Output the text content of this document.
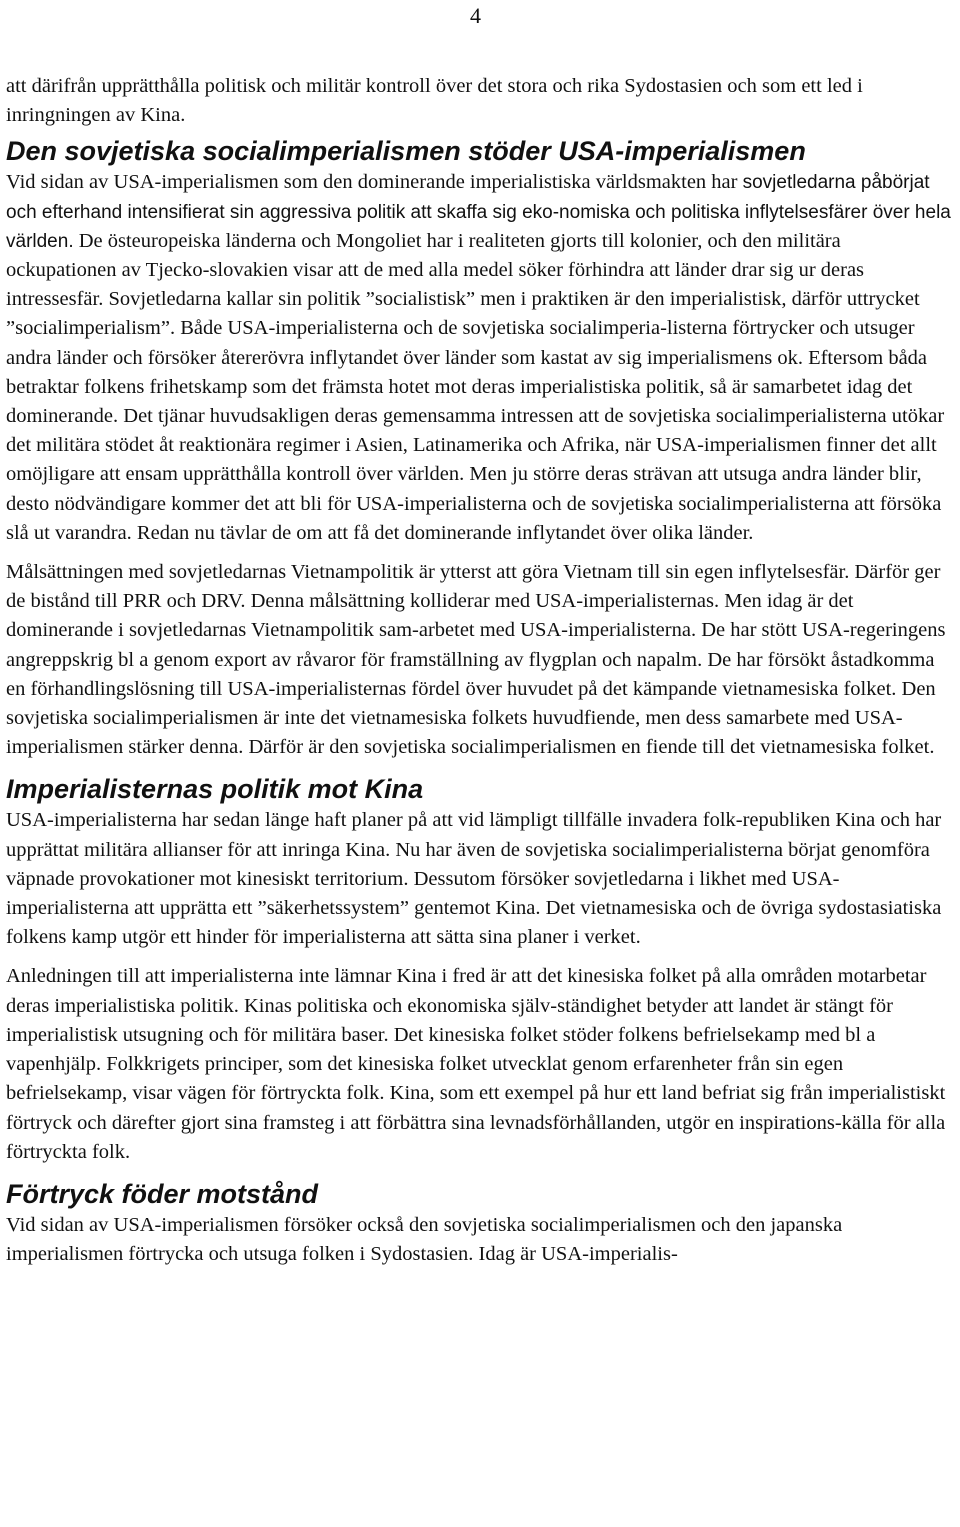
4

att därifrån upprätthålla politisk och militär kontroll över det stora och rika Sydostasien och som ett led i inringningen av Kina.

Den sovjetiska socialimperialismen stöder USA-imperialismen

Vid sidan av USA-imperialismen som den dominerande imperialistiska världsmakten har sovjetledarna påbörjat och efterhand intensifierat sin aggressiva politik att skaffa sig eko-nomiska och politiska inflytelsesfärer över hela världen. De östeuropeiska länderna och Mongoliet har i realiteten gjorts till kolonier, och den militära ockupationen av Tjecko-slovakien visar att de med alla medel söker förhindra att länder drar sig ur deras intressesfär. Sovjetledarna kallar sin politik ”socialistisk” men i praktiken är den imperialistisk, därför uttrycket ”socialimperialism”. Både USA-imperialisterna och de sovjetiska socialimperia-listerna förtrycker och utsuger andra länder och försöker återerövra inflytandet över länder som kastat av sig imperialismens ok. Eftersom båda betraktar folkens frihetskamp som det främsta hotet mot deras imperialistiska politik, så är samarbetet idag det dominerande. Det tjänar huvudsakligen deras gemensamma intressen att de sovjetiska socialimperialisterna utökar det militära stödet åt reaktionära regimer i Asien, Latinamerika och Afrika, när USA-imperialismen finner det allt omöjligare att ensam upprätthålla kontroll över världen. Men ju större deras strävan att utsuga andra länder blir, desto nödvändigare kommer det att bli för USA-imperialisterna och de sovjetiska socialimperialisterna att försöka slå ut varandra. Redan nu tävlar de om att få det dominerande inflytandet över olika länder.

Målsättningen med sovjetledarnas Vietnampolitik är ytterst att göra Vietnam till sin egen inflytelsesfär. Därför ger de bistånd till PRR och DRV. Denna målsättning kolliderar med USA-imperialisternas. Men idag är det dominerande i sovjetledarnas Vietnampolitik sam-arbetet med USA-imperialisterna. De har stött USA-regeringens angreppskrig bl a genom export av råvaror för framställning av flygplan och napalm. De har försökt åstadkomma en förhandlingslösning till USA-imperialisternas fördel över huvudet på det kämpande vietnamesiska folket. Den sovjetiska socialimperialismen är inte det vietnamesiska folkets huvudfiende, men dess samarbete med USA-imperialismen stärker denna. Därför är den sovjetiska socialimperialismen en fiende till det vietnamesiska folket.

Imperialisternas politik mot Kina

USA-imperialisterna har sedan länge haft planer på att vid lämpligt tillfälle invadera folk-republiken Kina och har upprättat militära allianser för att inringa Kina. Nu har även de sovjetiska socialimperialisterna börjat genomföra väpnade provokationer mot kinesiskt territorium. Dessutom försöker sovjetledarna i likhet med USA-imperialisterna att upprätta ett ”säkerhetssystem” gentemot Kina. Det vietnamesiska och de övriga sydostasiatiska folkens kamp utgör ett hinder för imperialisterna att sätta sina planer i verket.

Anledningen till att imperialisterna inte lämnar Kina i fred är att det kinesiska folket på alla områden motarbetar deras imperialistiska politik. Kinas politiska och ekonomiska själv-ständighet betyder att landet är stängt för imperialistisk utsugning och för militära baser. Det kinesiska folket stöder folkens befrielsekamp med bl a vapenhjälp. Folkkrigets principer, som det kinesiska folket utvecklat genom erfarenheter från sin egen befrielsekamp, visar vägen för förtryckta folk. Kina, som ett exempel på hur ett land befriat sig från imperialistiskt förtryck och därefter gjort sina framsteg i att förbättra sina levnadsförhållanden, utgör en inspirations-källa för alla förtryckta folk.

Förtryck föder motstånd

Vid sidan av USA-imperialismen försöker också den sovjetiska socialimperialismen och den japanska imperialismen förtrycka och utsuga folken i Sydostasien. Idag är USA-imperialis-
